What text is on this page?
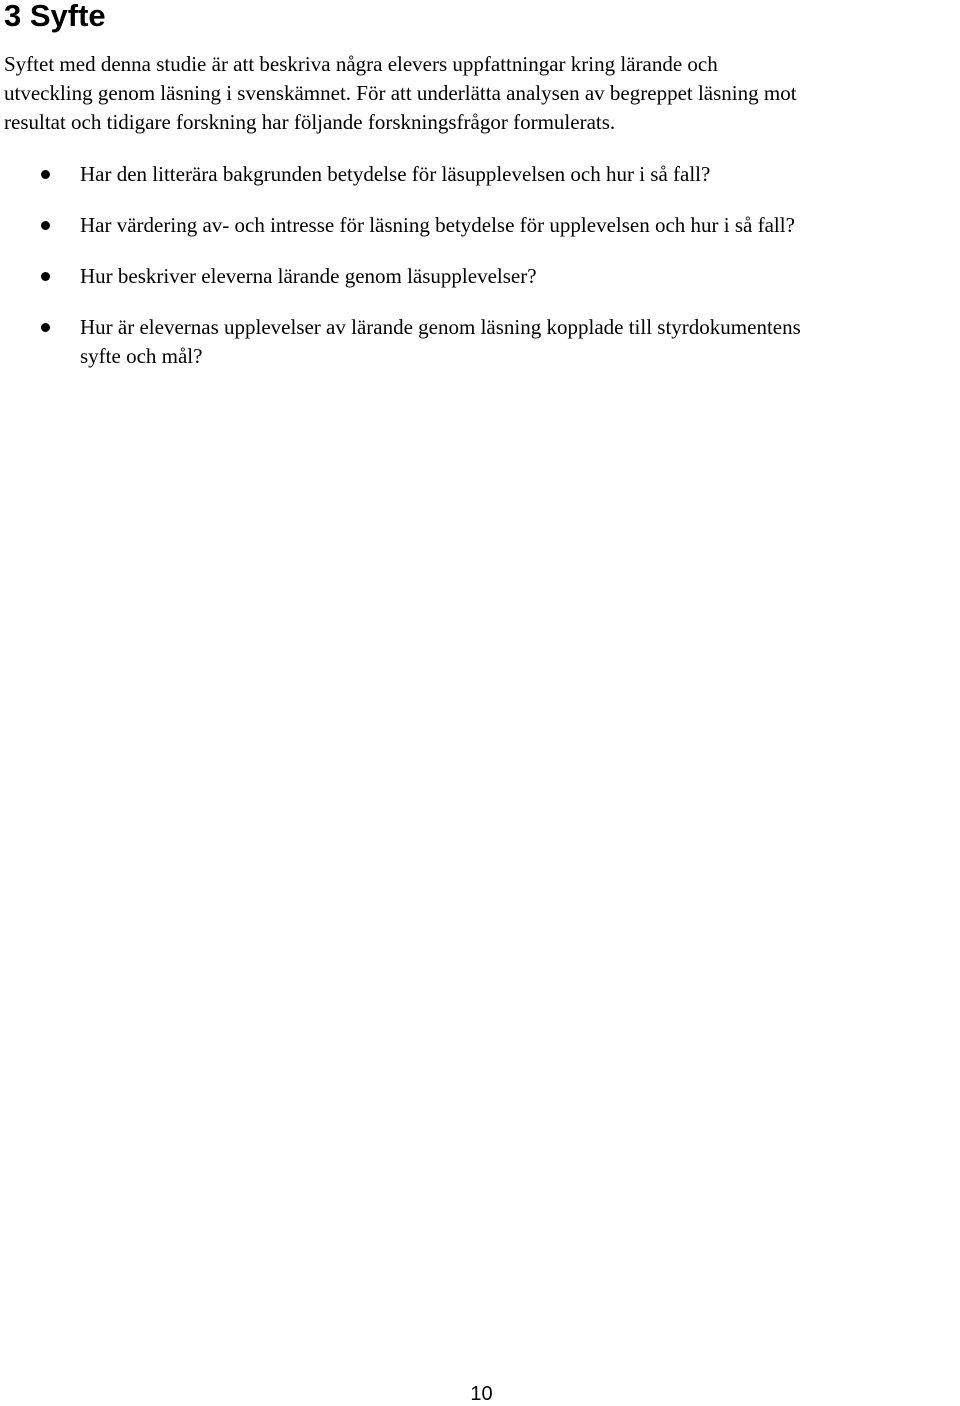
3 Syfte

Syftet med denna studie är att beskriva några elevers uppfattningar kring lärande och
utveckling genom läsning i svenskämnet. För att underlätta analysen av begreppet läsning mot
resultat och tidigare forskning har följande forskningsfrågor formulerats.

Har den litterära bakgrunden betydelse för läsupplevelsen och hur i så fall?
Har värdering av- och intresse för läsning betydelse för upplevelsen och hur i så fall?
Hur beskriver eleverna lärande genom läsupplevelser?
Hur är elevernas upplevelser av lärande genom läsning kopplade till styrdokumentens
syfte och mål?
10
